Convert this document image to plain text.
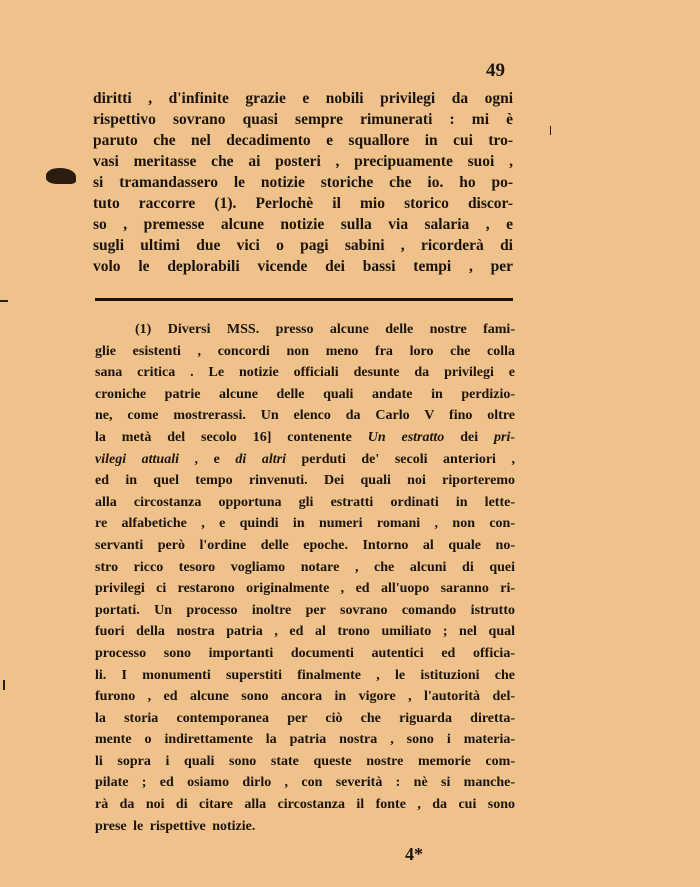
49
diritti , d'infinite grazie e nobili privilegi da ogni
rispettivo sovrano quasi sempre rimunerati : mi è
paruto che nel decadimento e squallore in cui tro-
vasi meritasse che ai posteri , precipuamente suoi ,
si tramandassero le notizie storiche che io. ho po-
tuto raccorre (1). Perlochè il mio storico discor-
so , premesse alcune notizie sulla via salaria , e
sugli ultimi due vici o pagi sabini , ricorderà di
volo le deplorabili vicende dei bassi tempi , per
(1) Diversi MSS. presso alcune delle nostre fami-
glie esistenti , concordi non meno fra loro che colla
sana critica . Le notizie officiali desunte da privilegi e
croniche patrie alcune delle quali andate in perdizio-
ne, come mostrerassi. Un elenco da Carlo V fino oltre
la metà del secolo 16] contenente Un estratto dei pri-
vilegi attuali , e di altri perduti de' secoli anteriori ,
ed in quel tempo rinvenuti. Dei quali noi riporteremo
alla circostanza opportuna gli estratti ordinati in lette-
re alfabetiche , e quindi in numeri romani , non con-
servanti però l'ordine delle epoche. Intorno al quale no-
stro ricco tesoro vogliamo notare , che alcuni di quei
privilegi ci restarono originalmente , ed all'uopo saranno ri-
portati. Un processo inoltre per sovrano comando istrutto
fuori della nostra patria , ed al trono umiliato ; nel qual
processo sono importanti documenti autentici ed officia-
li. I monumenti superstiti finalmente , le istituzioni che
furono , ed alcune sono ancora in vigore , l'autorità del-
la storia contemporanea per ciò che riguarda diretta-
mente o indirettamente la patria nostra , sono i materia-
li sopra i quali sono state queste nostre memorie com-
pilate ; ed osiamo dirlo , con severità : nè si manche-
rà da noi di citare alla circostanza il fonte , da cui sono
prese le rispettive notizie.
4*
